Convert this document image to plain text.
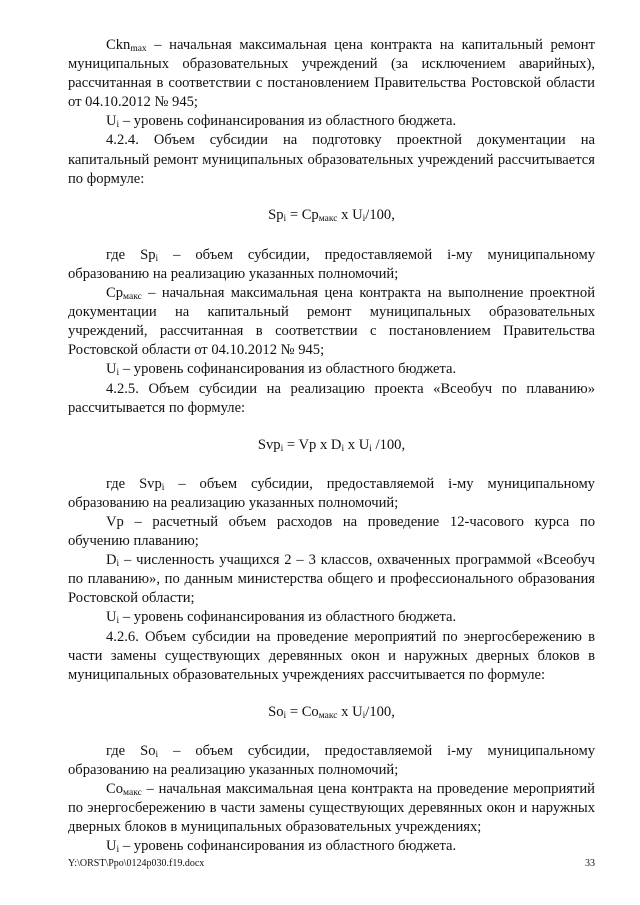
Ckn$_{max}$ – начальная максимальная цена контракта на капитальный ремонт муниципальных образовательных учреждений (за исключением аварийных), рассчитанная в соответствии с постановлением Правительства Ростовской области от 04.10.2012 № 945;

$U_i$ – уровень софинансирования из областного бюджета.

4.2.4. Объем субсидии на подготовку проектной документации на капитальный ремонт муниципальных образовательных учреждений рассчитывается по формуле:

$Sp_i = Cp_{макс}$ x $U_i/100$,

где $Sp_i$ – объем субсидии, предоставляемой i-му муниципальному образованию на реализацию указанных полномочий;

$Cp_{макс}$ – начальная максимальная цена контракта на выполнение проектной документации на капитальный ремонт муниципальных образовательных учреждений, рассчитанная в соответствии с постановлением Правительства Ростовской области от 04.10.2012 № 945;

$U_i$ – уровень софинансирования из областного бюджета.

4.2.5. Объем субсидии на реализацию проекта «Всеобуч по плаванию» рассчитывается по формуле:

Svp$_i$ = Vp x $D_i$ x $U_i$ /100,

где Svp$_i$ – объем субсидии, предоставляемой i-му муниципальному образованию на реализацию указанных полномочий;

Vp – расчетный объем расходов на проведение 12-часового курса по обучению плаванию;

$D_i$ – численность учащихся 2 – 3 классов, охваченных программой «Всеобуч по плаванию», по данным министерства общего и профессионального образования Ростовской области;

$U_i$ – уровень софинансирования из областного бюджета.

4.2.6. Объем субсидии на проведение мероприятий по энергосбережению в части замены существующих деревянных окон и наружных дверных блоков в муниципальных образовательных учреждениях рассчитывается по формуле:

$So_i = Co_{макс}$ x $U_i/100$,

где $So_i$ – объем субсидии, предоставляемой i-му муниципальному образованию на реализацию указанных полномочий;

$Co_{макс}$ – начальная максимальная цена контракта на проведение мероприятий по энергосбережению в части замены существующих деревянных окон и наружных дверных блоков в муниципальных образовательных учреждениях;

$U_i$ – уровень софинансирования из областного бюджета.

Y:\ORST\Ppo\0124p030.f19.docx	33
